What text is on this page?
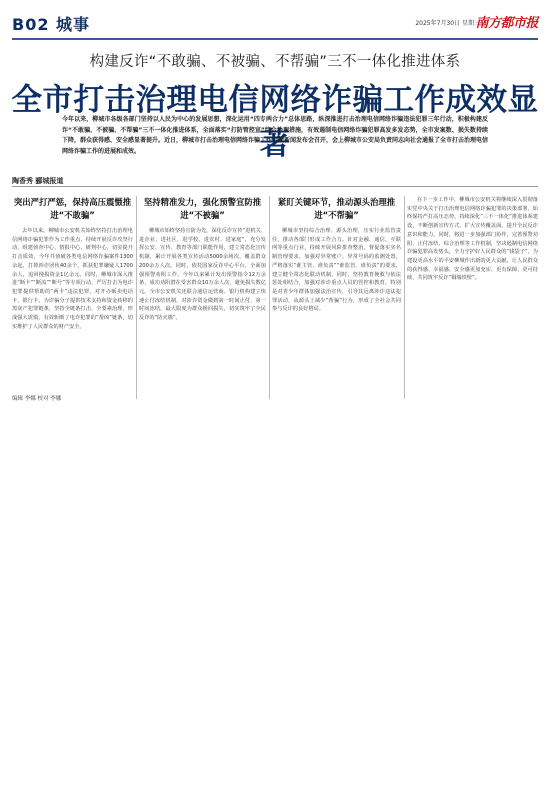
B02 城事	2025年7月30日 星期三
南方都市报
构建反诈“不敢骗、不被骗、不帮骗”三不一体化推进体系
全市打击治理电信网络诈骗工作成效显著
今年以来，柳城市各级各部门坚持以人民为中心的发展思想，深化运用“四专两合力”总体思路，纵深推进打击治理电信网络诈骗违法犯罪三年行动，积极构建反诈“不敢骗、不被骗、不帮骗”三不一体化推进体系，全面落实“打防管控宣”综合治理措施，有效遏制电信网络诈骗犯罪高发多发态势，全市发案数、损失数持续下降，群众获得感、安全感显著提升。近日，柳城市打击治理电信网络诈骗工作专题新闻发布会召开，会上柳城市公安局负责同志向社会通报了全市打击治理电信网络诈骗工作的进展和成效。
陶香秀 郦城报道
突出严打严惩，保持高压震慑推进“不敢骗”

去年以来，柳城市公安机关始终坚持打击治理电信网络诈骗犯罪作为工作重点，持续开展反诈攻坚行动，组建侦查中心、情报中心、研判中心，切实提升打击质效，今年共侦破各类电信网络诈骗案件1300余起，打掉涉诈团伙40余个，抓获犯罪嫌疑人1700余人，追回挽损资金1亿余元。同时，柳城市深入推进“断卡”“断流”“断号”等专项行动，严厉打击为电诈犯罪提供帮助的“两卡”违法犯罪，对开办贩卖电话卡、银行卡，为诈骗分子提供技术支持和资金转移的黑灰产犯罪链条，坚持全链条打击、全要素治理，形成强大震慑，有效斩断了电诈犯罪的“帮凶”链条，切实维护了人民群众的财产安全。

坚持精准发力，强化预警宣防推进“不被骗”

柳城市始终坚持宣防为先，深化反诈宣传“进机关、进企业、进社区、进学校、进农村、进家庭”，充分发挥公安、宣传、教育等部门职能作用，建立常态化宣传机制，累计开展各类宣传活动5000余场次，覆盖群众200余万人次。同时，依托国家反诈中心平台，全面加强预警劝阻工作，今年以来累计发出预警指令12万余条，成功劝阻潜在受害群众10万余人次，避免损失数亿元。全市公安机关还联合通信运营商、银行机构建立快速止付冻结机制，对涉诈资金做到第一时间止付、第一时间冻结，最大限度为群众挽回损失，切实筑牢了全民反诈的“防火墙”。

紧盯关键环节，推动源头治理推进“不帮骗”

柳城市坚持综合治理、源头治理，压实行业监管责任，推动各部门形成工作合力。针对金融、通信、互联网等重点行业，持续开展风险排查整治，督促落实实名制管理要求，加强对异常账户、异常号码的监测处置，严格落实“谁主管、谁负责”“谁监管、谁负责”的要求，建立健全常态化联动机制。同时，坚持教育挽救与依法惩处相结合，加强对涉诈重点人员的管控和教育，特别是对青少年群体加强法治宣传，引导其远离涉诈违法犯罪活动，从源头上减少“帮骗”行为，形成了全社会共同参与反诈的良好格局。

在下一步工作中，柳城市公安机关将继续深入贯彻落实党中央关于打击治理电信网络诈骗犯罪的决策部署，始终保持严打高压态势，持续深化“三不一体化”推进体系建设，不断创新宣传方式，扩大宣传覆盖面，提升全民反诈意识和能力。同时，将进一步加强部门协作，完善预警劝阻、止付冻结、综合治理等工作机制，坚决遏制电信网络诈骗犯罪高发势头，全力守护好人民群众的“钱袋子”，为建设更高水平的平安柳城作出新的更大贡献，让人民群众的获得感、幸福感、安全感更加充实、更有保障、更可持续，共同筑牢反诈“铜墙铁壁”。

编辑 李娜 校对 李娜
